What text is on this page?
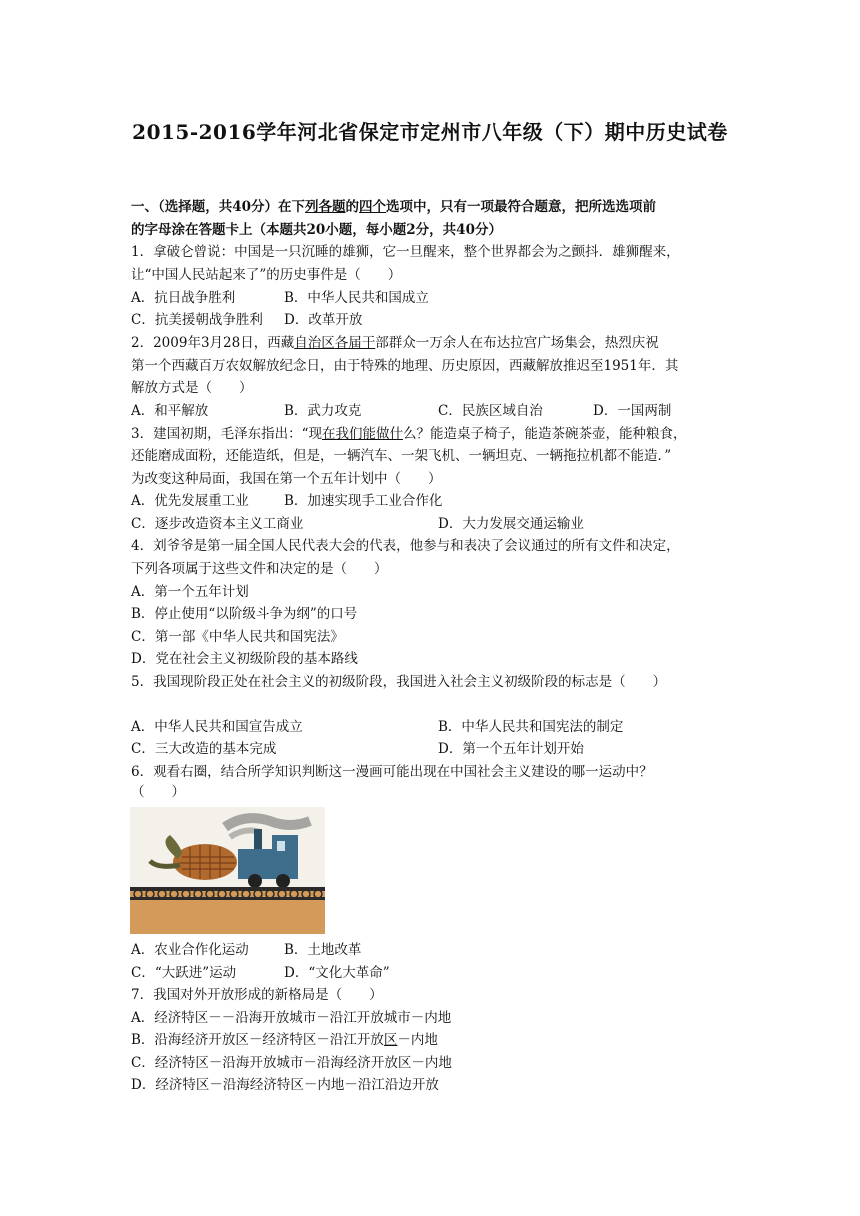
2015-2016学年河北省保定市定州市八年级（下）期中历史试卷
一、（选择题，共40分）在下列各题的四个选项中，只有一项最符合题意，把所选选项前
的字母涂在答题卡上（本题共20小题，每小题2分，共40分）
1．拿破仑曾说：中国是一只沉睡的雄狮，它一旦醒来，整个世界都会为之颤抖．雄狮醒来，
让“中国人民站起来了”的历史事件是（　　）
A．抗日战争胜利	B．中华人民共和国成立
C．抗美援朝战争胜利 D．改革开放
2．2009年3月28日，西藏自治区各届干部群众一万余人在布达拉宫广场集会，热烈庆祝
第一个西藏百万农奴解放纪念日，由于特殊的地理、历史原因，西藏解放推迟至1951年．其
解放方式是（　　）
A．和平解放	B．武力攻克	C．民族区域自治	D．一国两制
3．建国初期，毛泽东指出：“现在我们能做什么？能造桌子椅子，能造茶碗茶壶，能种粮食，
还能磨成面粉，还能造纸，但是，一辆汽车、一架飞机、一辆坦克、一辆拖拉机都不能造．”
为改变这种局面，我国在第一个五年计划中（　　）
A．优先发展重工业	B．加速实现手工业合作化
C．逐步改造资本主义工商业	D．大力发展交通运输业
4．刘爷爷是第一届全国人民代表大会的代表，他参与和表决了会议通过的所有文件和决定，
下列各项属于这些文件和决定的是（　　）
A．第一个五年计划
B．停止使用“以阶级斗争为纲”的口号
C．第一部《中华人民共和国宪法》
D．党在社会主义初级阶段的基本路线
5．我国现阶段正处在社会主义的初级阶段，我国进入社会主义初级阶段的标志是（　　）
A．中华人民共和国宣告成立	B．中华人民共和国宪法的制定
C．三大改造的基本完成	D．第一个五年计划开始
6．观看右圈，结合所学知识判断这一漫画可能出现在中国社会主义建设的哪一运动中？
（　　）
A．农业合作化运动	B．土地改革
C．“大跃进”运动	D．“文化大革命”
7．我国对外开放形成的新格局是（　　）
A．经济特区－－沿海开放城市－沿江开放城市－内地
B．沿海经济开放区－经济特区－沿江开放区－内地
C．经济特区－沿海开放城市－沿海经济开放区－内地
D．经济特区－沿海经济特区－内地－沿江沿边开放
